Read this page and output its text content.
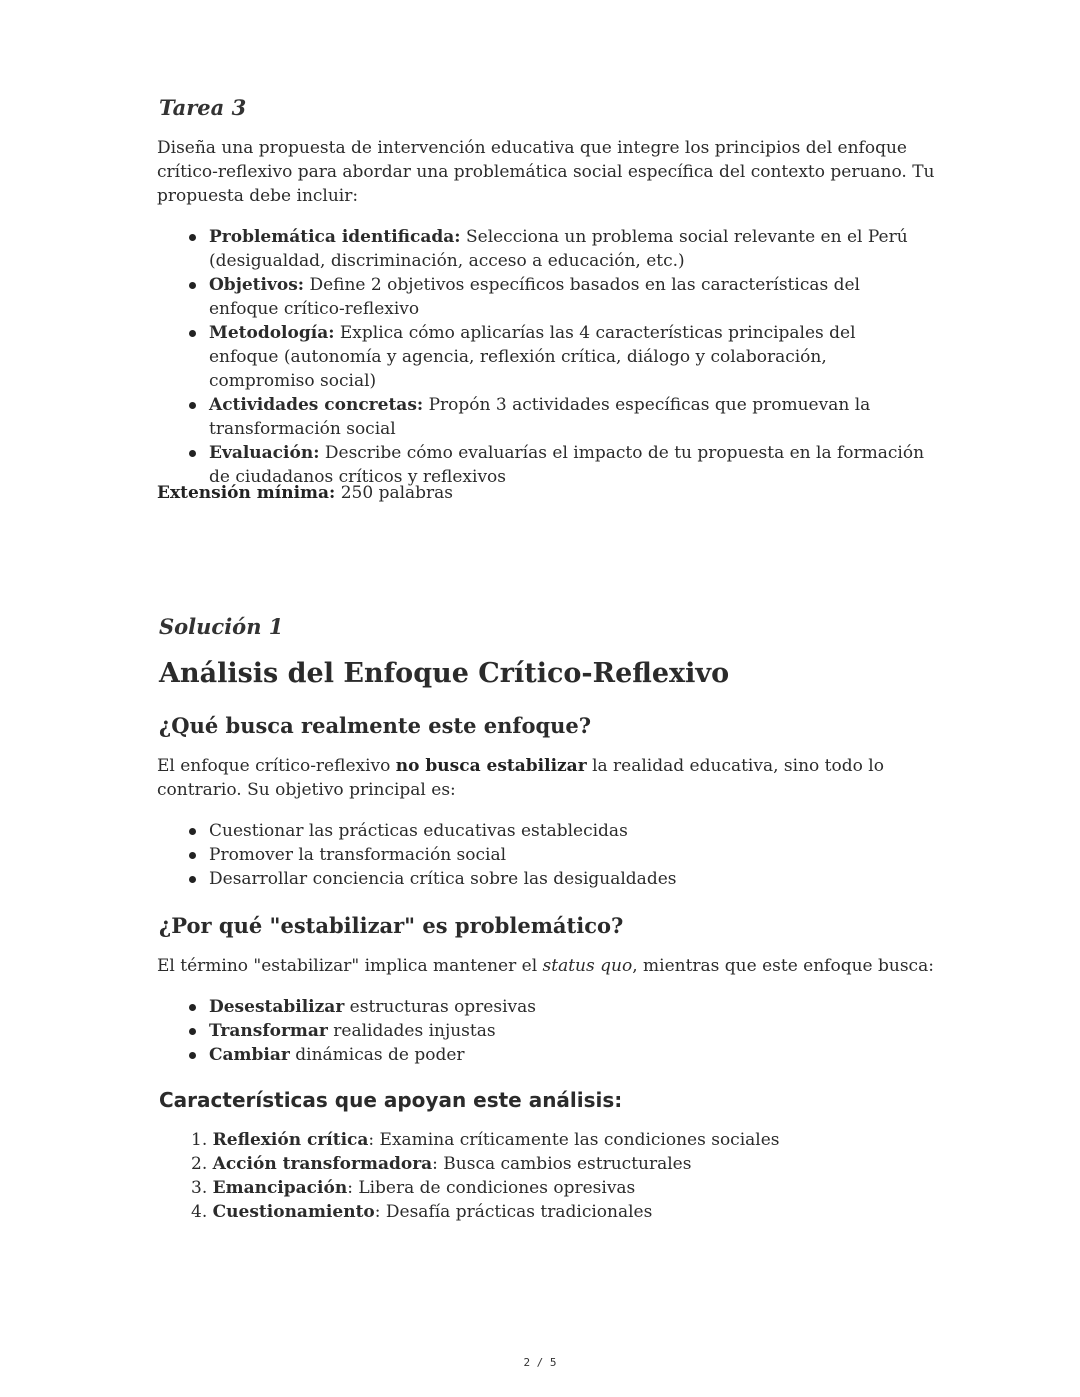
Tarea 3

Diseña una propuesta de intervención educativa que integre los principios del enfoque crítico-reflexivo para abordar una problemática social específica del contexto peruano. Tu propuesta debe incluir:

Problemática identificada: Selecciona un problema social relevante en el Perú (desigualdad, discriminación, acceso a educación, etc.)
Objetivos: Define 2 objetivos específicos basados en las características del enfoque crítico-reflexivo
Metodología: Explica cómo aplicarías las 4 características principales del enfoque (autonomía y agencia, reflexión crítica, diálogo y colaboración, compromiso social)
Actividades concretas: Propón 3 actividades específicas que promuevan la transformación social
Evaluación: Describe cómo evaluarías el impacto de tu propuesta en la formación de ciudadanos críticos y reflexivos

Extensión mínima: 250 palabras

Solución 1
Análisis del Enfoque Crítico-Reflexivo
¿Qué busca realmente este enfoque?

El enfoque crítico-reflexivo no busca estabilizar la realidad educativa, sino todo lo contrario. Su objetivo principal es:

Cuestionar las prácticas educativas establecidas
Promover la transformación social
Desarrollar conciencia crítica sobre las desigualdades
¿Por qué "estabilizar" es problemático?

El término "estabilizar" implica mantener el status quo, mientras que este enfoque busca:

Desestabilizar estructuras opresivas
Transformar realidades injustas
Cambiar dinámicas de poder
Características que apoyan este análisis:
1. Reflexión crítica: Examina críticamente las condiciones sociales
2. Acción transformadora: Busca cambios estructurales
3. Emancipación: Libera de condiciones opresivas
4. Cuestionamiento: Desafía prácticas tradicionales
2 / 5
